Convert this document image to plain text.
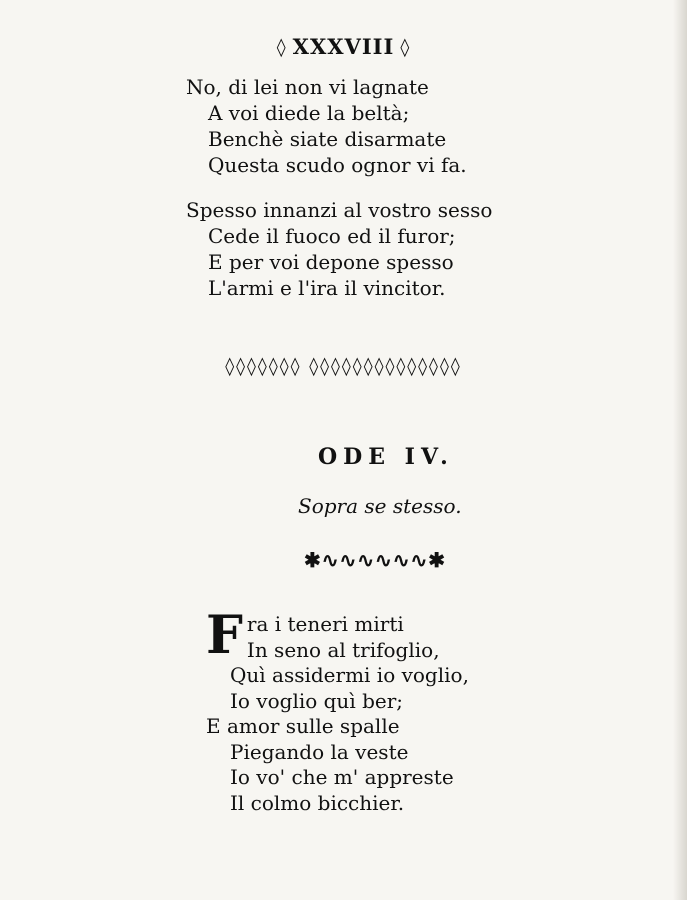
◊ XXXVIII ◊
No, di lei non vi lagnate
A voi diede la beltà;
Benchè siate disarmate
Questa scudo ognor vi fa.
Spesso innanzi al vostro sesso
Cede il fuoco ed il furor;
E per voi depone spesso
L'armi e l'ira il vincitor.
◊◊◊◊◊◊◊ ◊◊◊◊◊◊◊◊◊◊◊◊◊◊
ODE IV.
Sopra se stesso.
✱∿∿∿∿∿∿✱
Fra i teneri mirti
In seno al trifoglio,
Quì assidermi io voglio,
Io voglio quì ber;
E amor sulle spalle
Piegando la veste
Io vo' che m' appreste
Il colmo bicchier.
